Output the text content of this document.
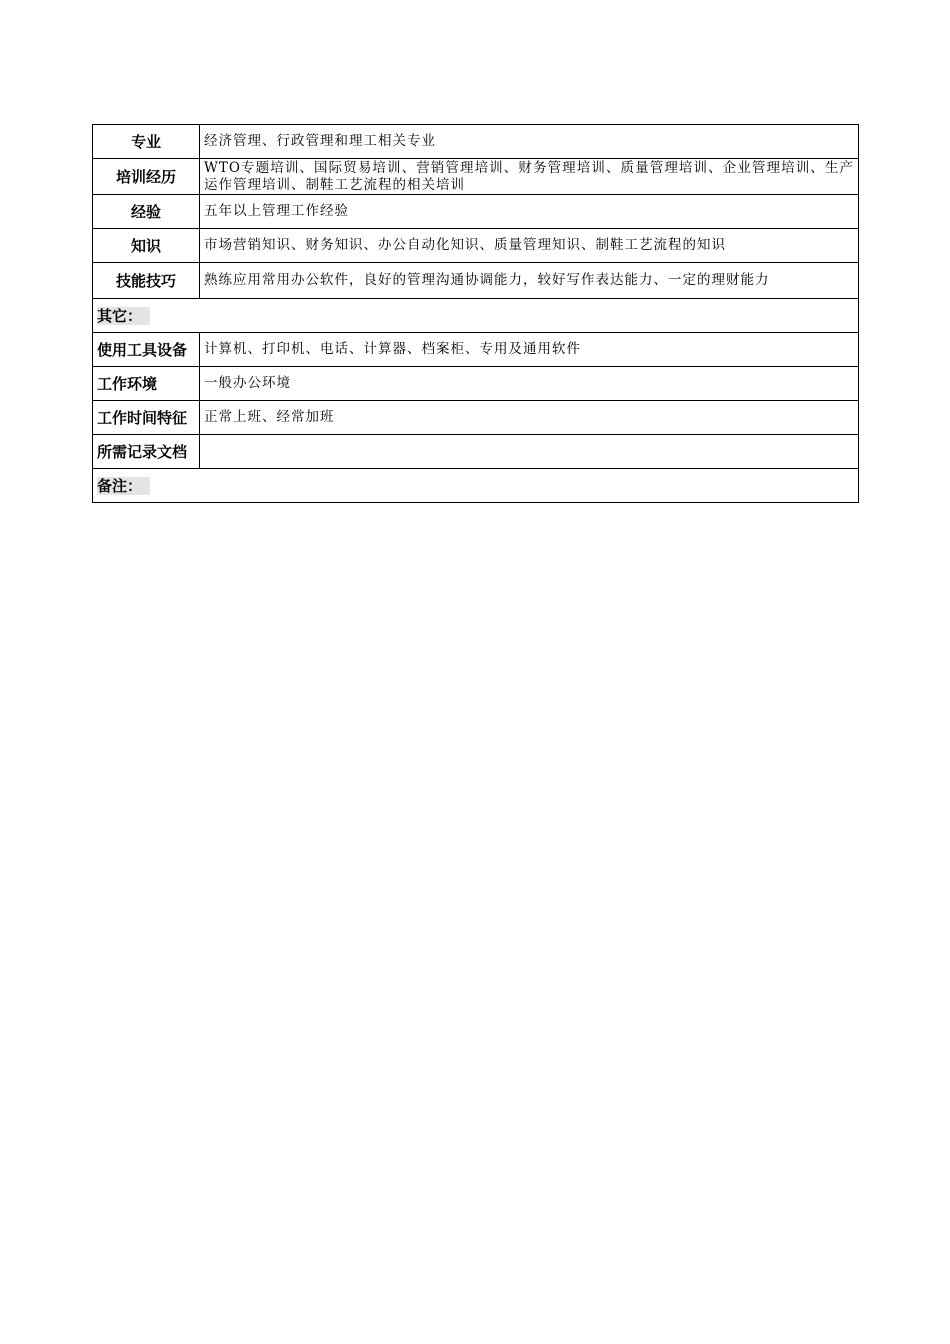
专业	经济管理、行政管理和理工相关专业
培训经历	WTO专题培训、国际贸易培训、营销管理培训、财务管理培训、质量管理培训、企业管理培训、生产运作管理培训、制鞋工艺流程的相关培训
经验	五年以上管理工作经验
知识	市场营销知识、财务知识、办公自动化知识、质量管理知识、制鞋工艺流程的知识
技能技巧	熟练应用常用办公软件，良好的管理沟通协调能力，较好写作表达能力、一定的理财能力
其它：	
使用工具设备	计算机、打印机、电话、计算器、档案柜、专用及通用软件
工作环境	一般办公环境
工作时间特征	正常上班、经常加班
所需记录文档	
备注：	
